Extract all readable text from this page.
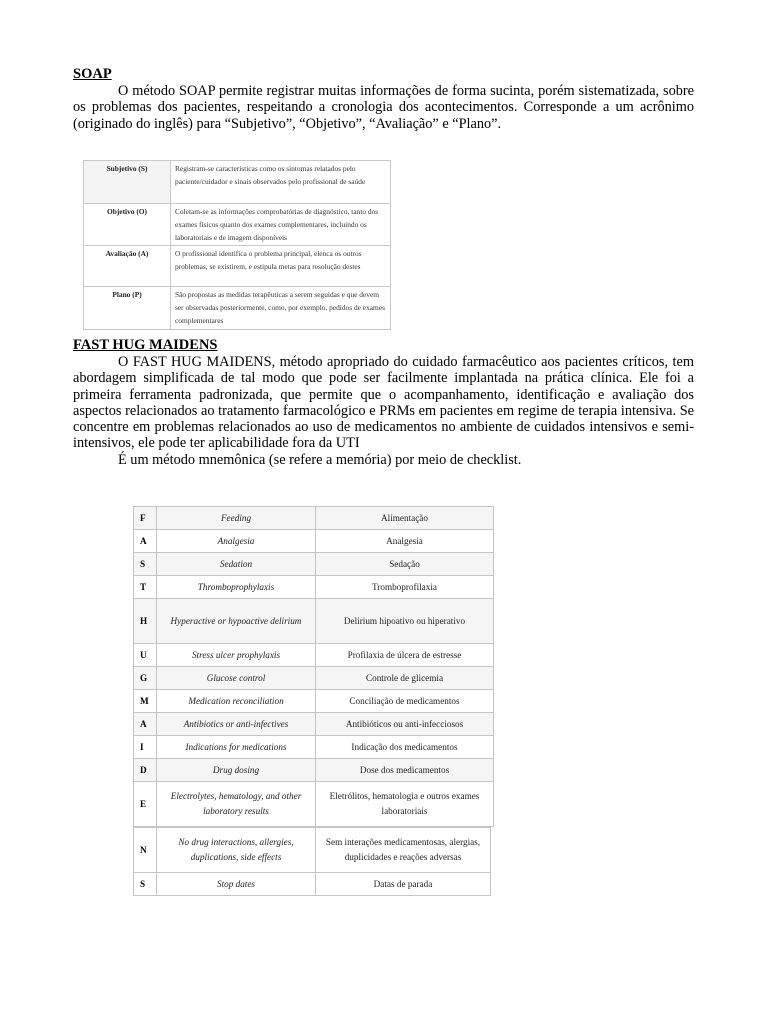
SOAP

O método SOAP permite registrar muitas informações de forma sucinta, porém sistematizada, sobre os problemas dos pacientes, respeitando a cronologia dos acontecimentos. Corresponde a um acrônimo (originado do inglês) para “Subjetivo”, “Objetivo”, “Avaliação” e “Plano”.

Subjetivo (S)	Registram-se características como os sintomas relatados pelo paciente/cuidador e sinais observados pelo profissional de saúde
Objetivo (O)	Coletam-se as informações comprobatórias de diagnóstico, tanto dos exames físicos quanto dos exames complementares, incluindo os laboratoriais e de imagem disponíveis
Avaliação (A)	O profissional identifica o problema principal, elenca os outros problemas, se existirem, e estipula metas para resolução destes
Plano (P)	São propostas as medidas terapêuticas a serem seguidas e que devem ser observadas posteriormente, como, por exemplo, pedidos de exames complementares

FAST HUG MAIDENS

O FAST HUG MAIDENS, método apropriado do cuidado farmacêutico aos pacientes críticos, tem abordagem simplificada de tal modo que pode ser facilmente implantada na prática clínica. Ele foi a primeira ferramenta padronizada, que permite que o acompanhamento, identificação e avaliação dos aspectos relacionados ao tratamento farmacológico e PRMs em pacientes em regime de terapia intensiva. Se concentre em problemas relacionados ao uso de medicamentos no ambiente de cuidados intensivos e semi-intensivos, ele pode ter aplicabilidade fora da UTI

É um método mnemônica (se refere a memória) por meio de checklist.

F	Feeding	Alimentação
A	Analgesia	Analgesia
S	Sedation	Sedação
T	Thromboprophylaxis	Tromboprofilaxia
H	Hyperactive or hypoactive delirium	Delirium hipoativo ou hiperativo
U	Stress ulcer prophylaxis	Profilaxia de úlcera de estresse
G	Glucose control	Controle de glicemia
M	Medication reconciliation	Conciliação de medicamentos
A	Antibiotics or anti-infectives	Antibióticos ou anti-infecciosos
I	Indications for medications	Indicação dos medicamentos
D	Drug dosing	Dose dos medicamentos
E	Electrolytes, hematology, and other laboratory results	Eletrólitos, hematologia e outros exames laboratoriais
N	No drug interactions, allergies, duplications, side effects	Sem interações medicamentosas, alergias, duplicidades e reações adversas
S	Stop dates	Datas de parada
